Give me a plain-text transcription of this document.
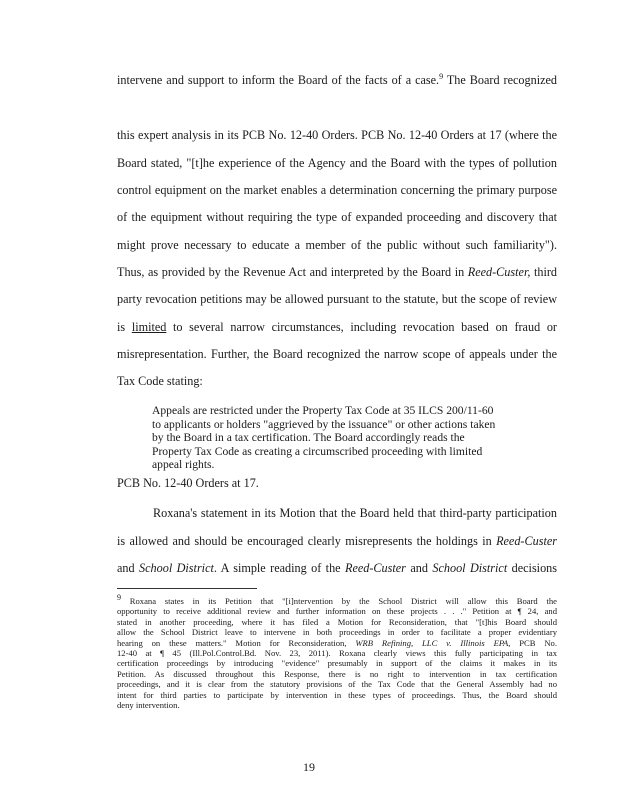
intervene and support to inform the Board of the facts of a case.$^9$ The Board recognized
this expert analysis in its PCB No. 12-40 Orders. PCB No. 12-40 Orders at 17 (where the
Board stated, "[t]he experience of the Agency and the Board with the types of pollution
control equipment on the market enables a determination concerning the primary purpose
of the equipment without requiring the type of expanded proceeding and discovery that
might prove necessary to educate a member of the public without such familiarity").
Thus, as provided by the Revenue Act and interpreted by the Board in Reed-Custer, third
party revocation petitions may be allowed pursuant to the statute, but the scope of review
is limited to several narrow circumstances, including revocation based on fraud or
misrepresentation. Further, the Board recognized the narrow scope of appeals under the
Tax Code stating:
Appeals are restricted under the Property Tax Code at 35 ILCS 200/11-60
to applicants or holders "aggrieved by the issuance" or other actions taken
by the Board in a tax certification. The Board accordingly reads the
Property Tax Code as creating a circumscribed proceeding with limited
appeal rights.
PCB No. 12-40 Orders at 17.
Roxana's statement in its Motion that the Board held that third-party participation
is allowed and should be encouraged clearly misrepresents the holdings in Reed-Custer
and School District. A simple reading of the Reed-Custer and School District decisions
$^9$ Roxana states in its Petition that "[i]ntervention by the School District will allow this Board the
opportunity to receive additional review and further information on these projects . . ." Petition at ¶ 24, and
stated in another proceeding, where it has filed a Motion for Reconsideration, that "[t]his Board should
allow the School District leave to intervene in both proceedings in order to facilitate a proper evidentiary
hearing on these matters." Motion for Reconsideration, WRB Refining, LLC v. Illinois EPA, PCB No.
12-40 at ¶ 45 (Ill.Pol.Control.Bd. Nov. 23, 2011). Roxana clearly views this fully participating in tax
certification proceedings by introducing "evidence" presumably in support of the claims it makes in its
Petition. As discussed throughout this Response, there is no right to intervention in tax certification
proceedings, and it is clear from the statutory provisions of the Tax Code that the General Assembly had no
intent for third parties to participate by intervention in these types of proceedings. Thus, the Board should
deny intervention.
19
